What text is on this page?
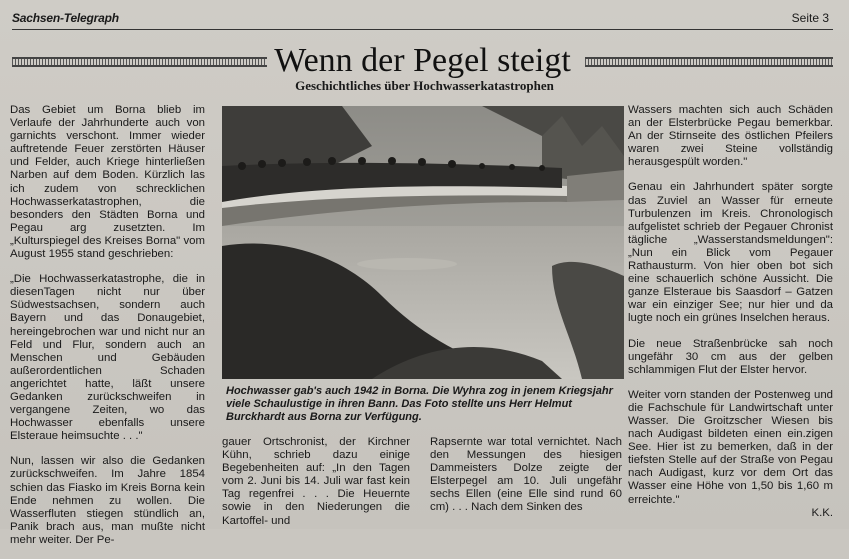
Sachsen-Telegraph	Seite 3
Wenn der Pegel steigt
Geschichtliches über Hochwasserkatastrophen

Das Gebiet um Borna blieb im Verlaufe der Jahrhunderte auch von garnichts verschont. Immer wieder auftretende Feuer zerstörten Häuser und Felder, auch Kriege hinterließen Narben auf dem Boden. Kürzlich las ich zudem von schrecklichen Hochwasserkatastrophen, die besonders den Städten Borna und Pegau arg zusetzten. Im „Kulturspiegel des Kreises Borna" vom August 1955 stand geschrieben:

„Die Hochwasserkatastrophe, die in diesenTagen nicht nur über Südwestsachsen, sondern auch Bayern und das Donaugebiet, hereingebrochen war und nicht nur an Feld und Flur, sondern auch an Menschen und Gebäuden außerordentlichen Schaden angerichtet hatte, läßt unsere Gedanken zurückschweifen in vergangene Zeiten, wo das Hochwasser ebenfalls unsere Elsteraue heimsuchte . . ."

Nun, lassen wir also die Gedanken zurückschweifen. Im Jahre 1854 schien das Fiasko im Kreis Borna kein Ende nehmen zu wollen. Die Wasserfluten stiegen stündlich an, Panik brach aus, man mußte nicht mehr weiter. Der Pe-

Hochwasser gab's auch 1942 in Borna. Die Wyhra zog in jenem Kriegsjahr viele Schaulustige in ihren Bann. Das Foto stellte uns Herr Helmut Burckhardt aus Borna zur Verfügung.

gauer Ortschronist, der Kirchner Kühn, schrieb dazu einige Begebenheiten auf: „In den Tagen vom 2. Juni bis 14. Juli war fast kein Tag regenfrei . . . Die Heuernte sowie in den Niederungen die Kartoffel- und

Rapsernte war total vernichtet. Nach den Messungen des hiesigen Dammeisters Dolze zeigte der Elsterpegel am 10. Juli ungefähr sechs Ellen (eine Elle sind rund 60 cm) . . . Nach dem Sinken des

Wassers machten sich auch Schäden an der Elsterbrücke Pegau bemerkbar. An der Stirnseite des östlichen Pfeilers waren zwei Steine vollständig herausgespült worden."

Genau ein Jahrhundert später sorgte das Zuviel an Wasser für erneute Turbulenzen im Kreis. Chronologisch aufgelistet schrieb der Pegauer Chronist tägliche „Wasserstandsmeldungen": „Nun ein Blick vom Pegauer Rathausturm. Von hier oben bot sich eine schauerlich schöne Aussicht. Die ganze Elsteraue bis Saasdorf – Gatzen war ein einziger See; nur hier und da lugte noch ein grünes Inselchen heraus.

Die neue Straßenbrücke sah noch ungefähr 30 cm aus der gelben schlammigen Flut der Elster hervor.

Weiter vorn standen der Postenweg und die Fachschule für Landwirtschaft unter Wasser. Die Groitzscher Wiesen bis nach Audigast bildeten einen ein.zigen See. Hier ist zu bemerken, daß in der tiefsten Stelle auf der Straße von Pegau nach Audigast, kurz vor dem Ort das Wasser eine Höhe von 1,50 bis 1,60 m erreichte."

K.K.
